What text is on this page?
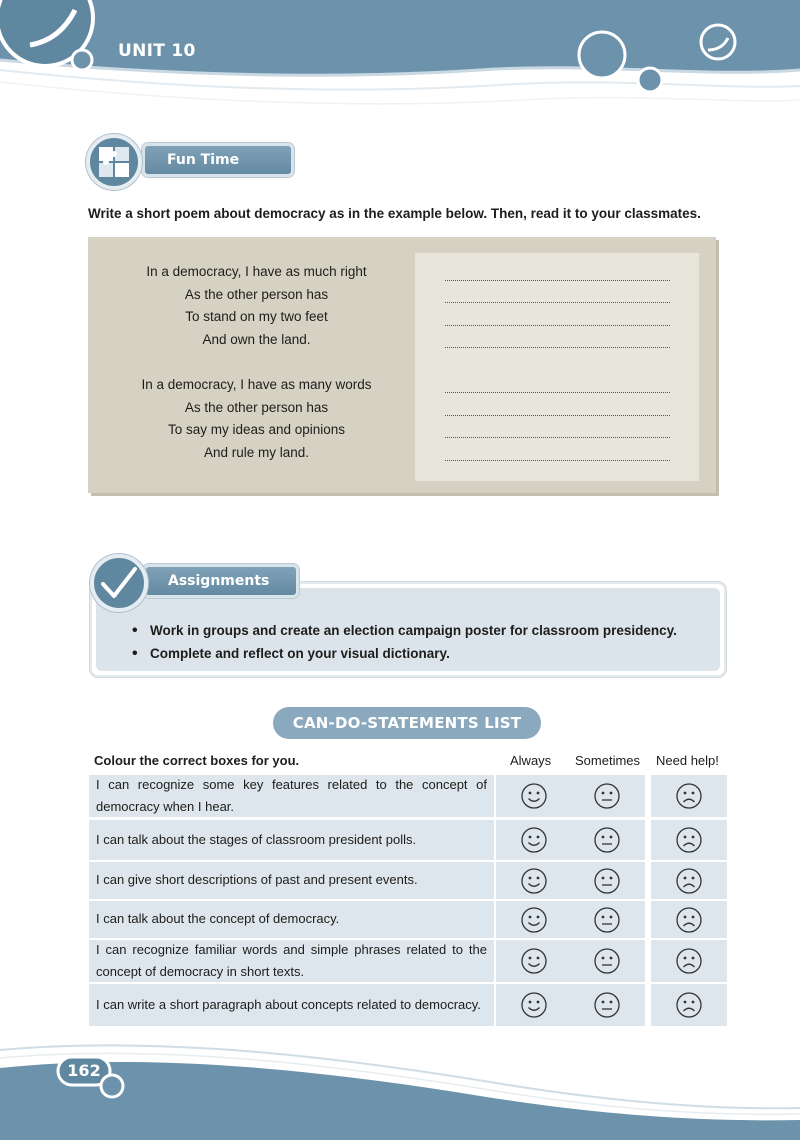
UNIT 10
Fun Time
Write a short poem about democracy as in the example below. Then, read it to your classmates.
In a democracy, I have as much right
As the other person has
To stand on my two feet
And own the land.
In a democracy, I have as many words
As the other person has
To say my ideas and opinions
And rule my land.
• Work in groups and create an election campaign poster for classroom presidency.
• Complete and reflect on your visual dictionary.
Assignments
CAN-DO-STATEMENTS LIST
Colour the correct boxes for you.	Always Sometimes Need help!
I can recognize some key features related to the concept of democracy when I hear.
I can talk about the stages of classroom president polls.
I can give short descriptions of past and present events.
I can talk about the concept of democracy.
I can recognize familiar words and simple phrases related to the concept of democracy in short texts.
I can write a short paragraph about concepts related to democracy.
162
